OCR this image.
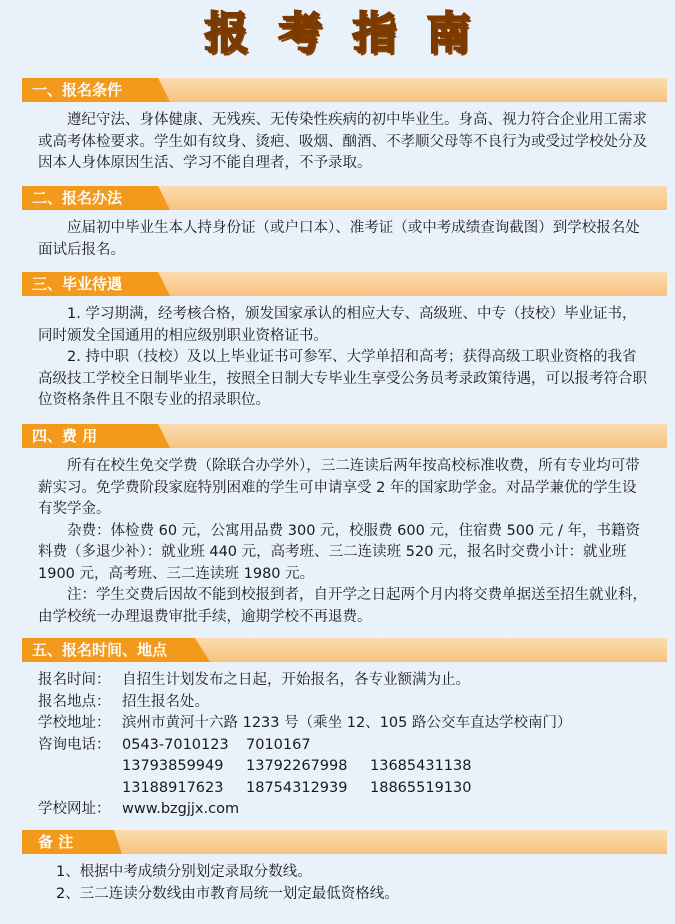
报考指南
一、报名条件

遵纪守法、身体健康、无残疾、无传染性疾病的初中毕业生。身高、视力符合企业用工需求或高考体检要求。学生如有纹身、烫疤、吸烟、酗酒、不孝顺父母等不良行为或受过学校处分及因本人身体原因生活、学习不能自理者，不予录取。

二、报名办法

应届初中毕业生本人持身份证（或户口本）、准考证（或中考成绩查询截图）到学校报名处面试后报名。

三、毕业待遇

1. 学习期满，经考核合格，颁发国家承认的相应大专、高级班、中专（技校）毕业证书，同时颁发全国通用的相应级别职业资格证书。

2. 持中职（技校）及以上毕业证书可参军、大学单招和高考；获得高级工职业资格的我省高级技工学校全日制毕业生，按照全日制大专毕业生享受公务员考录政策待遇，可以报考符合职位资格条件且不限专业的招录职位。

四、费 用

所有在校生免交学费（除联合办学外），三二连读后两年按高校标准收费，所有专业均可带薪实习。免学费阶段家庭特别困难的学生可申请享受 2 年的国家助学金。对品学兼优的学生设有奖学金。

杂费：体检费 60 元，公寓用品费 300 元，校服费 600 元，住宿费 500 元 / 年，书籍资料费（多退少补）：就业班 440 元，高考班、三二连读班 520 元，报名时交费小计：就业班 1900 元，高考班、三二连读班 1980 元。

注：学生交费后因故不能到校报到者，自开学之日起两个月内将交费单据送至招生就业科，由学校统一办理退费审批手续，逾期学校不再退费。

五、报名时间、地点
报名时间： 自招生计划发布之日起，开始报名，各专业额满为止。
报名地点： 招生报名处。
学校地址： 滨州市黄河十六路 1233 号（乘坐 12、105 路公交车直达学校南门）
咨询电话： 0543-7010123	7010167
13793859949	13792267998	13685431138
13188917623	18754312939	18865519130
学校网址： www.bzgjjx.com
备 注

1、根据中考成绩分别划定录取分数线。

2、三二连读分数线由市教育局统一划定最低资格线。
